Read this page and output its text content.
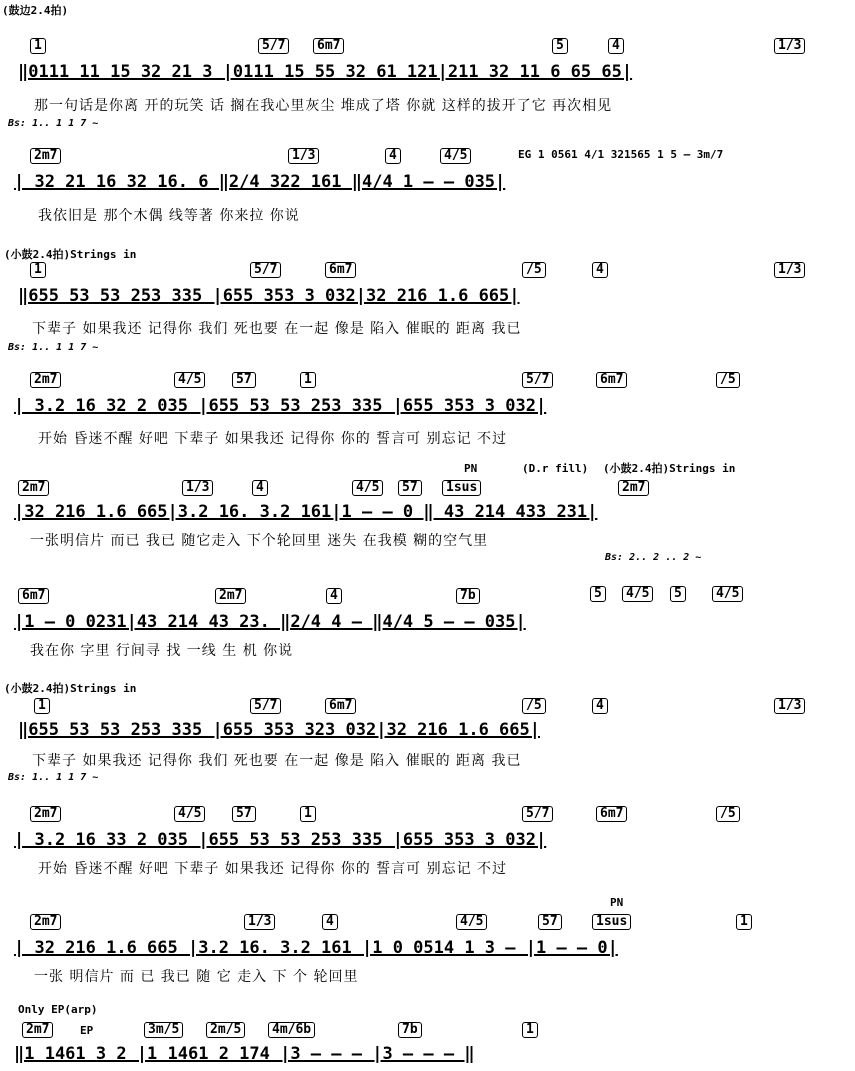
(鼓边2.4拍)
(小鼓2.4拍)Strings in
(小鼓2.4拍)Strings in
Only EP(arp)
1	5/7	6m7	5	4	1/3
‖0111 11 15 32 21 3 |0111 15 55 32 61 121|211 32 11 6 65 65|
那一句话是你离 开的玩笑 话 搁在我心里灰尘 堆成了塔 你就 这样的拔开了它 再次相见
Bs: 1.. 1 1 7 ~
2m7	1/3	4	4/5	EG 1 0561 4/1 321565 1 5 – 3m/7
| 32 21 16 32 16. 6 ‖2/4 322 161 ‖4/4 1 – – 035|
我依旧是 那个木偶 线等著 你来拉 你说
1	5/7	6m7	/5	4	1/3
‖655 53 53 253 335 |655 353 3 032|32 216 1.6 665|
下辈子 如果我还 记得你 我们 死也要 在一起 像是 陷入 催眠的 距离 我已
Bs: 1.. 1 1 7 ~
2m7	4/5	57	1	5/7	6m7	/5
| 3.2 16 32 2 035 |655 53 53 253 335 |655 353 3 032|
开始 昏迷不醒 好吧 下辈子 如果我还 记得你 你的 誓言可 别忘记 不过
PN	(D.r fill) (小鼓2.4拍)Strings in
2m7	1/3	4	4/5	57	1sus	2m7
|32 216 1.6 665|3.2 16. 3.2 161|1 – – 0 ‖ 43 214 433 231|
一张明信片 而已 我已 随它走入 下个轮回里 迷失 在我模 糊的空气里
Bs: 2.. 2 .. 2 ~
6m7	2m7	4	7b	5	4/5	5	4/5
|1 – 0 0231|43 214 43 23. ‖2/4 4 – ‖4/4 5 – – 035|
我在你 字里 行间寻 找 一线 生 机 你说
1	5/7	6m7	/5	4	1/3
‖655 53 53 253 335 |655 353 323 032|32 216 1.6 665|
下辈子 如果我还 记得你 我们 死也要 在一起 像是 陷入 催眠的 距离 我已
Bs: 1.. 1 1 7 ~
2m7	4/5	57	1	5/7	6m7	/5
| 3.2 16 33 2 035 |655 53 53 253 335 |655 353 3 032|
开始 昏迷不醒 好吧 下辈子 如果我还 记得你 你的 誓言可 别忘记 不过
PN
2m7	1/3	4	4/5	57	1sus	1
| 32 216 1.6 665 |3.2 16. 3.2 161 |1 0 0514 1 3 – |1 – – 0|
一张 明信片 而 已 我已 随 它 走入 下 个 轮回里
2m7	EP	3m/5	2m/5	4m/6b	7b	1
‖1 1461 3 2 |1 1461 2 174 |3 – – – |3 – – – ‖
